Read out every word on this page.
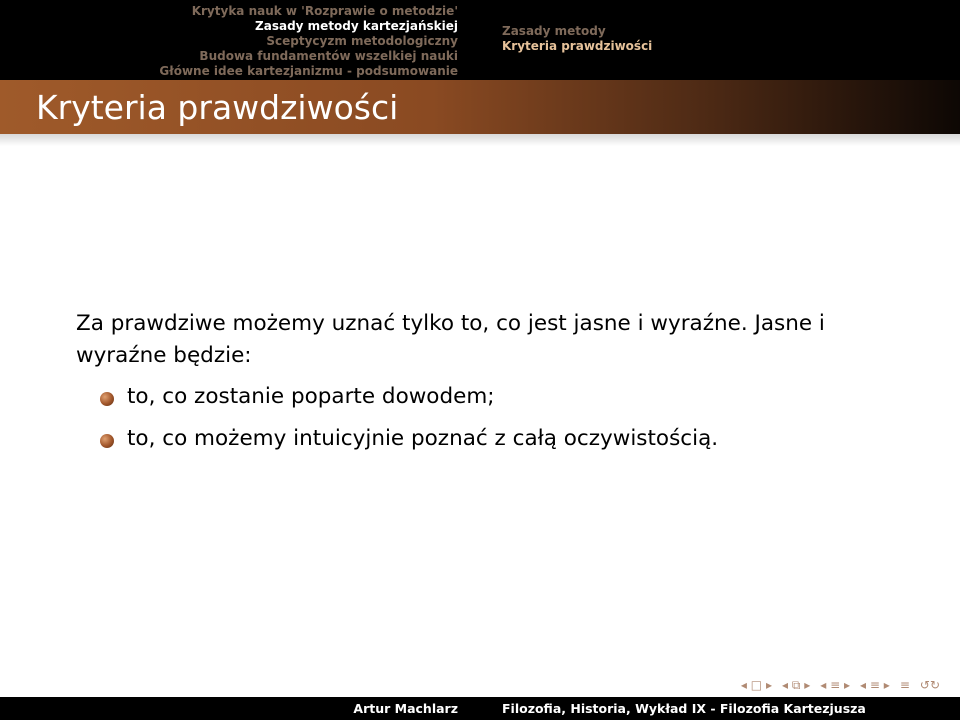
Krytyka nauk w 'Rozprawie o metodzie'
Zasady metody kartezjańskiej
Sceptycyzm metodologiczny
Budowa fundamentów wszelkiej nauki
Główne idee kartezjanizmu - podsumowanie
Zasady metody
Kryteria prawdziwości
Kryteria prawdziwości

Za prawdziwe możemy uznać tylko to, co jest jasne i wyraźne. Jasne i wyraźne będzie:

to, co zostanie poparte dowodem;
to, co możemy intuicyjnie poznać z całą oczywistością.
◂ □ ▸ ◂ ⧉ ▸ ◂ ≡ ▸ ◂ ≡ ▸ ≡ ↺↻
Artur Machlarz	Filozofia, Historia, Wykład IX - Filozofia Kartezjusza
